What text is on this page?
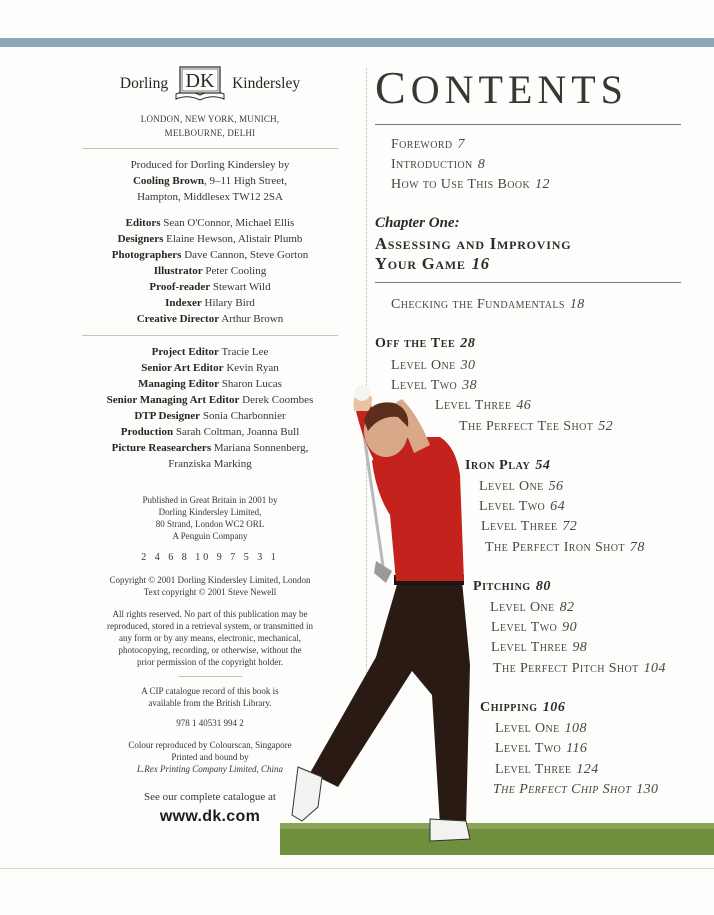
Dorling DK Kindersley
LONDON, NEW YORK, MUNICH,
MELBOURNE, DELHI

Produced for Dorling Kindersley by

Cooling Brown, 9–11 High Street,

Hampton, Middlesex TW12 2SA

Editors Sean O'Connor, Michael Ellis

Designers Elaine Hewson, Alistair Plumb

Photographers Dave Cannon, Steve Gorton

Illustrator Peter Cooling

Proof-reader Stewart Wild

Indexer Hilary Bird

Creative Director Arthur Brown

Project Editor Tracie Lee

Senior Art Editor Kevin Ryan

Managing Editor Sharon Lucas

Senior Managing Art Editor Derek Coombes

DTP Designer Sonia Charbonnier

Production Sarah Coltman, Joanna Bull

Picture Reasearchers Mariana Sonnenberg,

Franziska Marking

Published in Great Britain in 2001 by

Dorling Kindersley Limited,

80 Strand, London WC2 ORL

A Penguin Company

2 4 6 8 10 9 7 5 3 1

Copyright © 2001 Dorling Kindersley Limited, London

Text copyright © 2001 Steve Newell

All rights reserved. No part of this publication may be

reproduced, stored in a retrieval system, or transmitted in

any form or by any means, electronic, mechanical,

photocopying, recording, or otherwise, without the

prior permission of the copyright holder.

A CIP catalogue record of this book is

available from the British Library.

978 1 40531 994 2

Colour reproduced by Colourscan, Singapore

Printed and bound by

L.Rex Printing Company Limited, China

See our complete catalogue at
www.dk.com
CONTENTS
Foreword 7
Introduction 8
How to Use This Book 12
Chapter One:
Assessing and Improving
Your Game 16
Checking the Fundamentals 18
Off the Tee 28
Level One 30
Level Two 38
Level Three 46
The Perfect Tee Shot 52
Iron Play 54
Level One 56
Level Two 64
Level Three 72
The Perfect Iron Shot 78
Pitching 80
Level One 82
Level Two 90
Level Three 98
The Perfect Pitch Shot 104
Chipping 106
Level One 108
Level Two 116
Level Three 124
The Perfect Chip Shot 130
